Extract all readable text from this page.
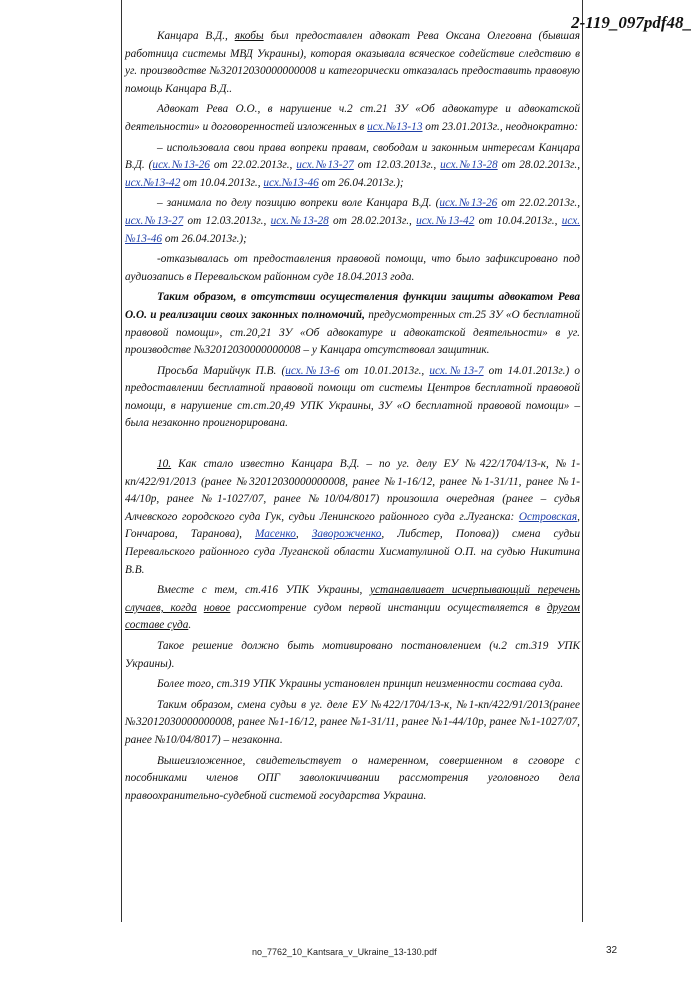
2-119_097pdf48_

Канцара В.Д., якобы был предоставлен адвокат Рева Оксана Олеговна (бывшая работница системы МВД Украины), которая оказывала всяческое содействие следствию в уг. производстве №32012030000000008 и категорически отказалась предоставить правовую помощь Канцара В.Д..

Адвокат Рева О.О., в нарушение ч.2 ст.21 ЗУ «Об адвокатуре и адвокатской деятельности» и договоренностей изложенных в исх.№13-13 от 23.01.2013г., неоднократно:

– использовала свои права вопреки правам, свободам и законным интересам Канцара В.Д. (исх.№13-26 от 22.02.2013г., исх.№13-27 от 12.03.2013г., исх.№13-28 от 28.02.2013г., исх.№13-42 от 10.04.2013г., исх.№13-46 от 26.04.2013г.);

– занимала по делу позицию вопреки воле Канцара В.Д. (исх.№13-26 от 22.02.2013г., исх.№13-27 от 12.03.2013г., исх.№13-28 от 28.02.2013г., исх.№13-42 от 10.04.2013г., исх.№13-46 от 26.04.2013г.);

-отказывалась от предоставления правовой помощи, что было зафиксировано под аудиозапись в Перевальском районном суде 18.04.2013 года.

Таким образом, в отсутствии осуществления функции защиты адвокатом Рева О.О. и реализации своих законных полномочий, предусмотренных ст.25 ЗУ «О бесплатной правовой помощи», ст.20,21 ЗУ «Об адвокатуре и адвокатской деятельности» в уг. производстве №32012030000000008 – у Канцара отсутствовал защитник.

Просьба Марийчук П.В. (исх.№13-6 от 10.01.2013г., исх.№13-7 от 14.01.2013г.) о предоставлении бесплатной правовой помощи от системы Центров бесплатной правовой помощи, в нарушение ст.ст.20,49 УПК Украины, ЗУ «О бесплатной правовой помощи» – была незаконно проигнорирована.

10. Как стало известно Канцара В.Д. – по уг. делу ЕУ №422/1704/13-к, №1-кп/422/91/2013 (ранее №32012030000000008, ранее №1-16/12, ранее №1-31/11, ранее №1-44/10р, ранее №1-1027/07, ранее №10/04/8017) произошла очередная (ранее – судья Алчевского городского суда Гук, судьи Ленинского районного суда г.Луганска: Островская, Гончарова, Таранова), Масенко, Заворожченко, Либстер, Попова)) смена судьи Перевальского районного суда Луганской области Хисматулиной О.П. на судью Никитина В.В.

Вместе с тем, ст.416 УПК Украины, устанавливает исчерпывающий перечень случаев, когда новое рассмотрение судом первой инстанции осуществляется в другом составе суда.

Такое решение должно быть мотивировано постановлением (ч.2 ст.319 УПК Украины).

Более того, ст.319 УПК Украины установлен принцип неизменности состава суда.

Таким образом, смена судьи в уг. деле ЕУ №422/1704/13-к, №1-кп/422/91/2013(ранее №32012030000000008, ранее №1-16/12, ранее №1-31/11, ранее №1-44/10р, ранее №1-1027/07, ранее №10/04/8017) – незаконна.

Вышеизложенное, свидетельствует о намеренном, совершенном в сговоре с пособниками членов ОПГ заволокичивании рассмотрения уголовного дела правоохранительно-судебной системой государства Украина.

no_7762_10_Kantsara_v_Ukraine_13-130.pdf	32
